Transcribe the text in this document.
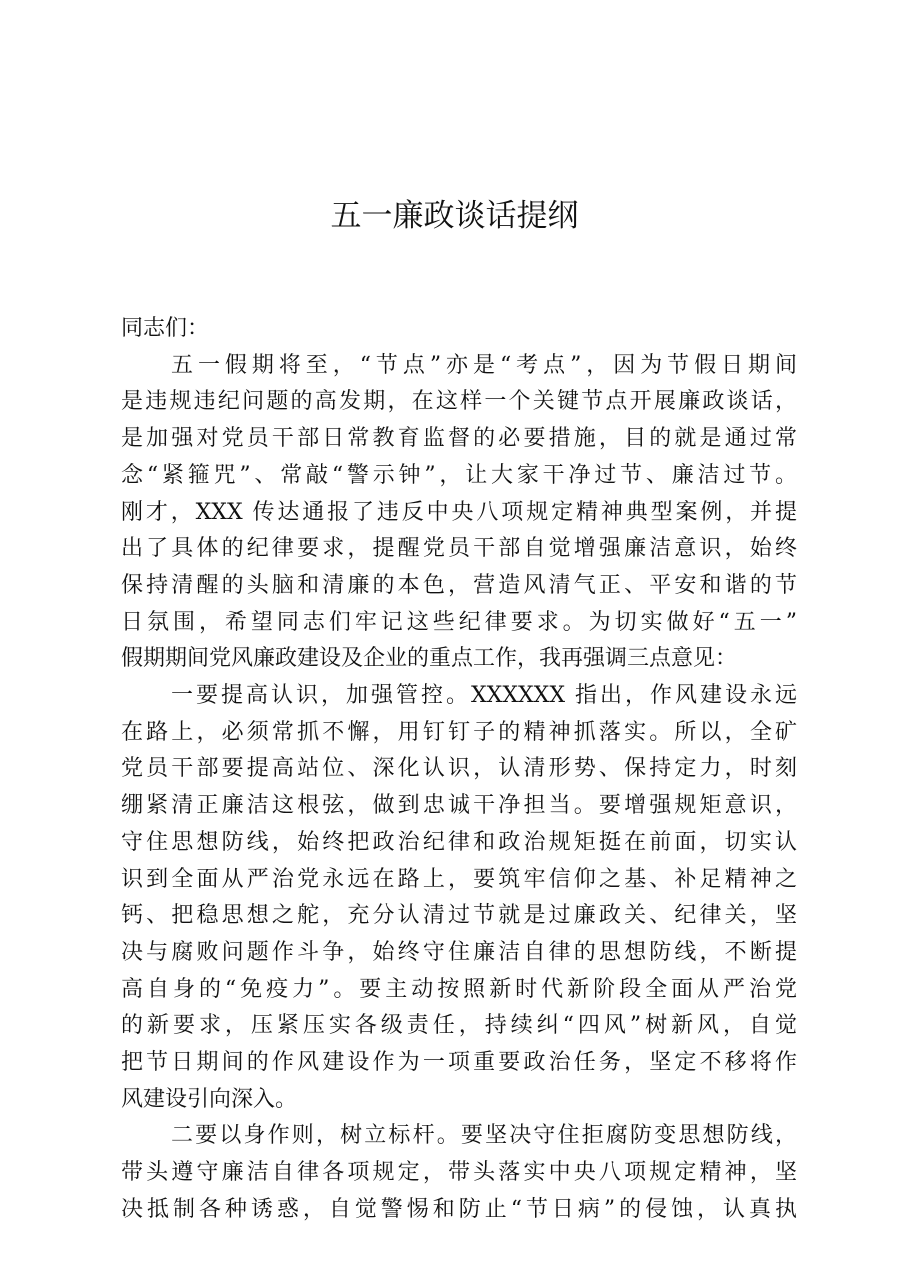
五一廉政谈话提纲

同志们：

五一假期将至，“节点”亦是“考点”，因为节假日期间
是违规违纪问题的高发期，在这样一个关键节点开展廉政谈话，
是加强对党员干部日常教育监督的必要措施，目的就是通过常
念“紧箍咒”、常敲“警示钟”，让大家干净过节、廉洁过节。
刚才，XXX 传达通报了违反中央八项规定精神典型案例，并提
出了具体的纪律要求，提醒党员干部自觉增强廉洁意识，始终
保持清醒的头脑和清廉的本色，营造风清气正、平安和谐的节
日氛围，希望同志们牢记这些纪律要求。为切实做好“五一”
假期期间党风廉政建设及企业的重点工作，我再强调三点意见：

一要提高认识，加强管控。XXXXXX 指出，作风建设永远
在路上，必须常抓不懈，用钉钉子的精神抓落实。所以，全矿
党员干部要提高站位、深化认识，认清形势、保持定力，时刻
绷紧清正廉洁这根弦，做到忠诚干净担当。要增强规矩意识，
守住思想防线，始终把政治纪律和政治规矩挺在前面，切实认
识到全面从严治党永远在路上，要筑牢信仰之基、补足精神之
钙、把稳思想之舵，充分认清过节就是过廉政关、纪律关，坚
决与腐败问题作斗争，始终守住廉洁自律的思想防线，不断提
高自身的“免疫力”。要主动按照新时代新阶段全面从严治党
的新要求，压紧压实各级责任，持续纠“四风”树新风，自觉
把节日期间的作风建设作为一项重要政治任务，坚定不移将作
风建设引向深入。

二要以身作则，树立标杆。要坚决守住拒腐防变思想防线，
带头遵守廉洁自律各项规定，带头落实中央八项规定精神，坚
决抵制各种诱惑，自觉警惕和防止“节日病”的侵蚀，认真执
